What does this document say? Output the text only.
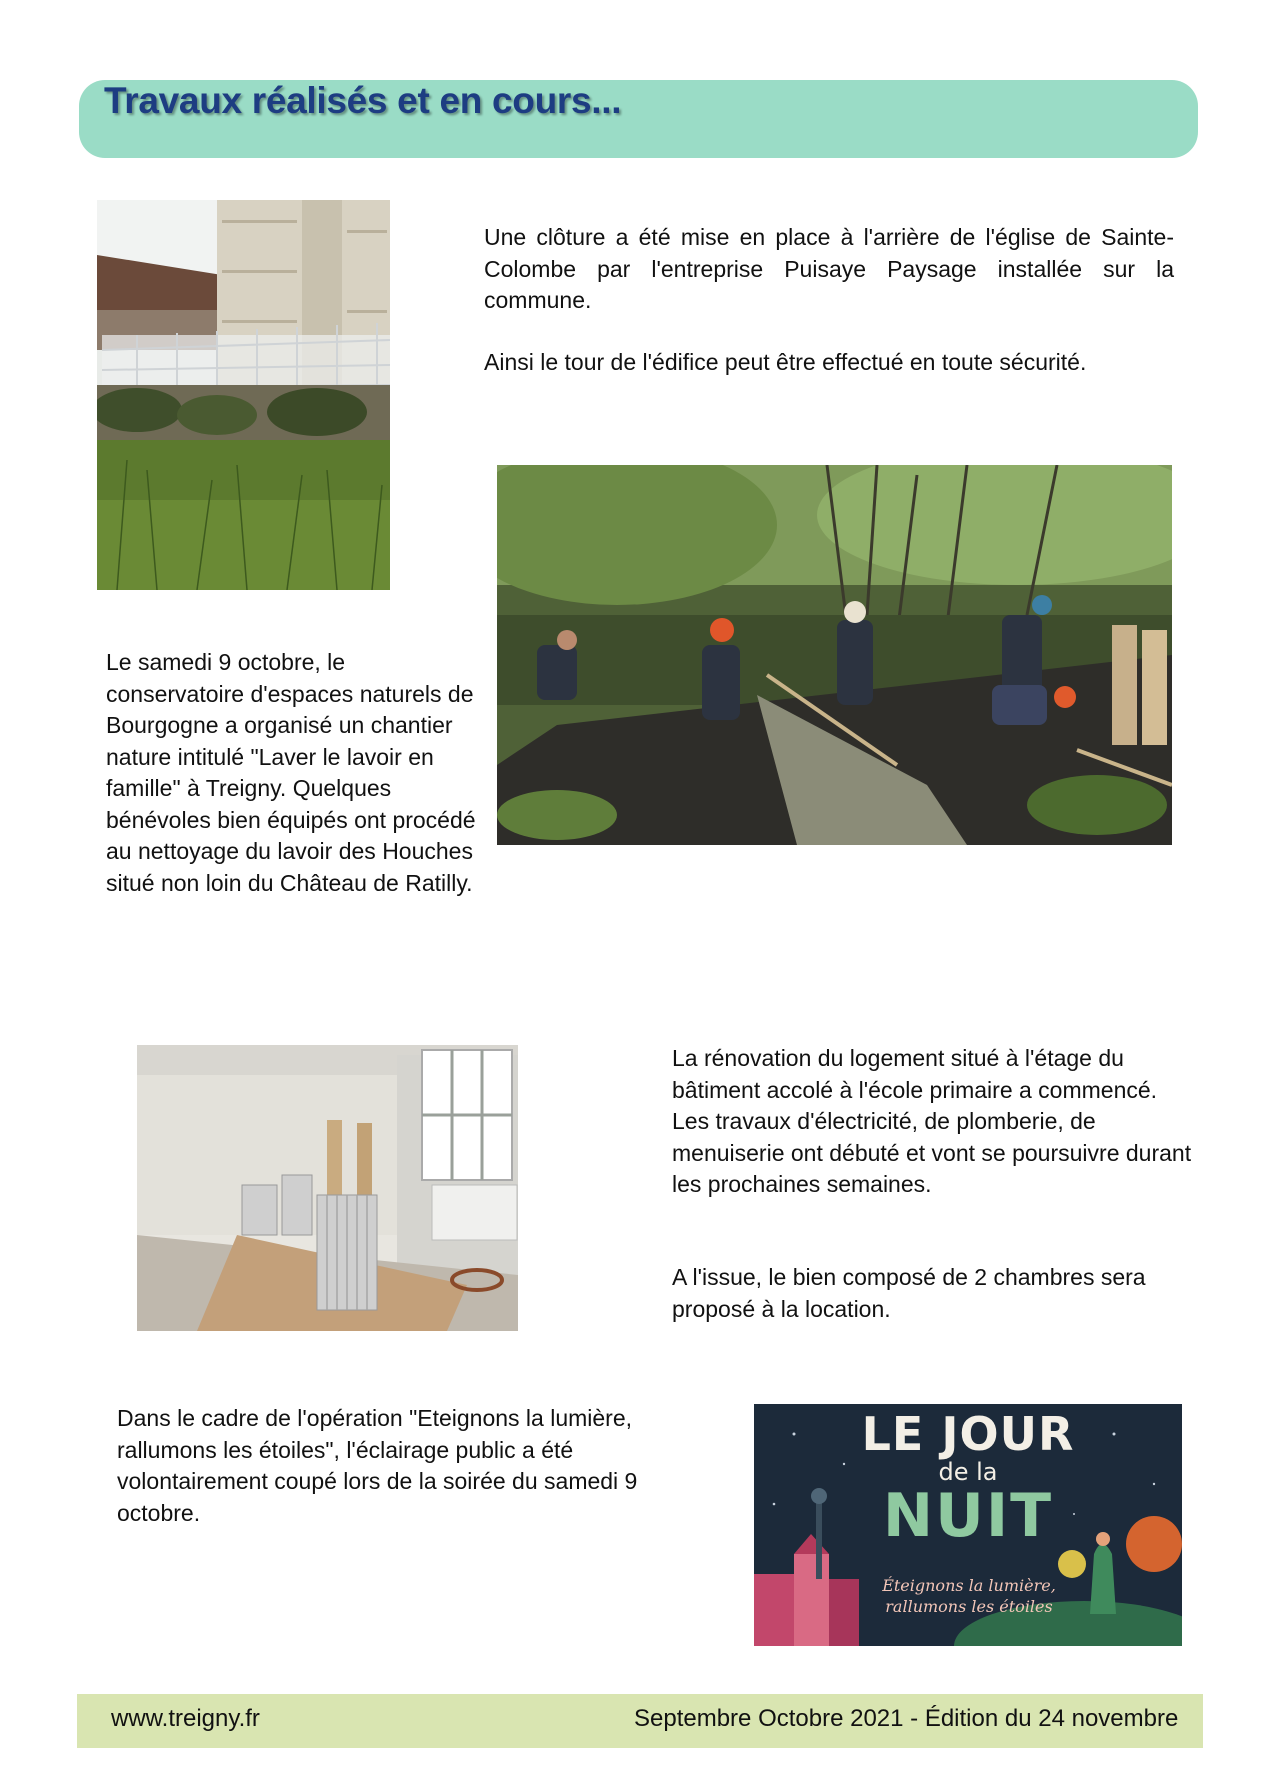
Travaux réalisés et en cours...
Une clôture a été mise en place à l'arrière de l'église de Sainte-Colombe par l'entreprise Puisaye Paysage installée sur la commune.
Ainsi le tour de l'édifice peut être effectué en toute sécurité.
Le samedi 9 octobre, le conservatoire d'espaces naturels de Bourgogne a organisé un chantier nature intitulé "Laver le lavoir en famille" à Treigny. Quelques bénévoles bien équipés ont procédé au nettoyage du lavoir des Houches situé non loin du Château de Ratilly.
La rénovation du logement situé à l'étage du bâtiment accolé à l'école primaire a commencé. Les travaux d'électricité, de plomberie, de menuiserie ont débuté et vont se poursuivre durant les prochaines semaines.
A l'issue, le bien composé de 2 chambres sera proposé à la location.
Dans le cadre de l'opération "Eteignons la lumière, rallumons les étoiles", l'éclairage public a été volontairement coupé lors de la soirée du samedi 9 octobre.
LE JOUR
de la
NUIT
Éteignons la lumière,
rallumons les étoiles
www.treigny.fr	Septembre Octobre 2021 - Édition du 24 novembre
